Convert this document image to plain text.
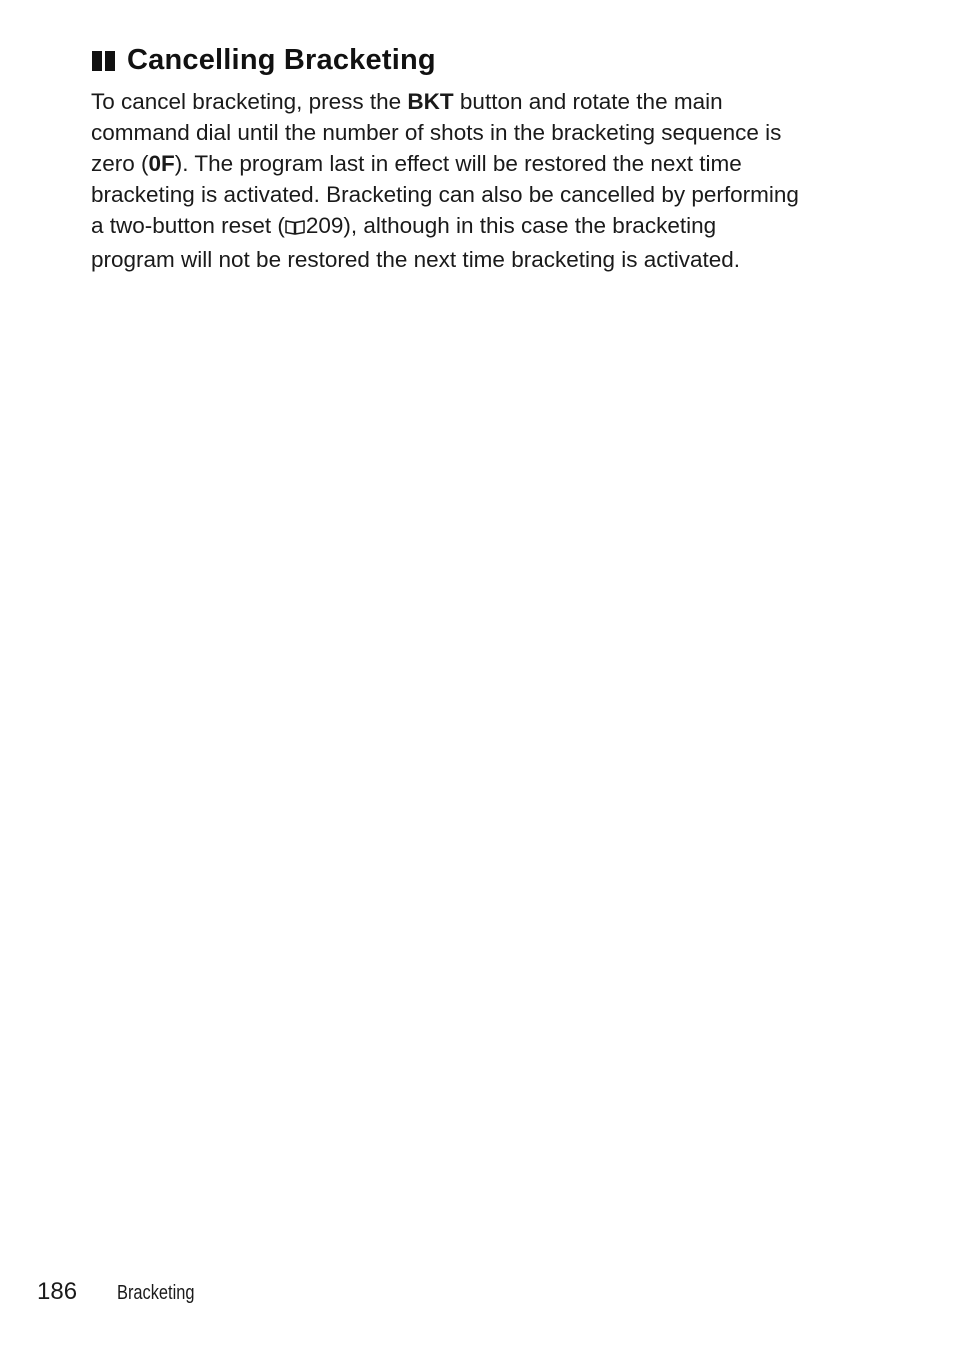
Cancelling Bracketing
To cancel bracketing, press the BKT button and rotate the main
command dial until the number of shots in the bracketing sequence is
zero (0F). The program last in effect will be restored the next time
bracketing is activated. Bracketing can also be cancelled by performing
a two-button reset ( 209), although in this case the bracketing
program will not be restored the next time bracketing is activated.
186	Bracketing
